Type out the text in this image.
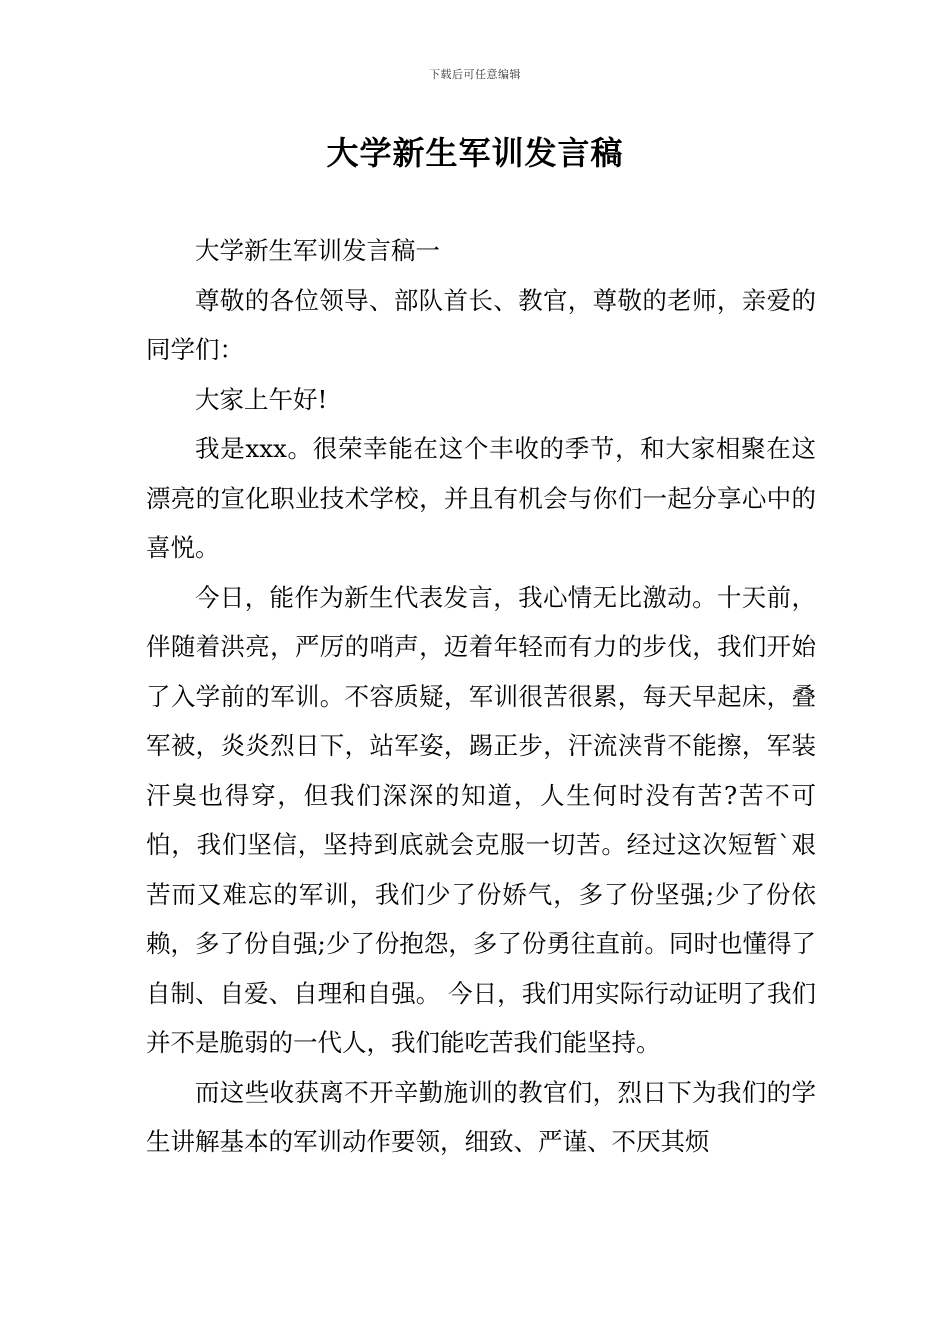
下载后可任意编辑
大学新生军训发言稿

大学新生军训发言稿一

尊敬的各位领导、部队首长、教官，尊敬的老师，亲爱的同学们：

大家上午好!

我是xxx。很荣幸能在这个丰收的季节，和大家相聚在这漂亮的宣化职业技术学校，并且有机会与你们一起分享心中的喜悦。

今日，能作为新生代表发言，我心情无比激动。十天前，伴随着洪亮，严厉的哨声，迈着年轻而有力的步伐，我们开始了入学前的军训。不容质疑，军训很苦很累，每天早起床，叠军被，炎炎烈日下，站军姿，踢正步，汗流浃背不能擦，军装汗臭也得穿，但我们深深的知道，人生何时没有苦?苦不可怕，我们坚信，坚持到底就会克服一切苦。经过这次短暂`艰苦而又难忘的军训，我们少了份娇气，多了份坚强;少了份依赖，多了份自强;少了份抱怨，多了份勇往直前。同时也懂得了自制、自爱、自理和自强。 今日，我们用实际行动证明了我们并不是脆弱的一代人，我们能吃苦我们能坚持。

而这些收获离不开辛勤施训的教官们，烈日下为我们的学生讲解基本的军训动作要领，细致、严谨、不厌其烦
